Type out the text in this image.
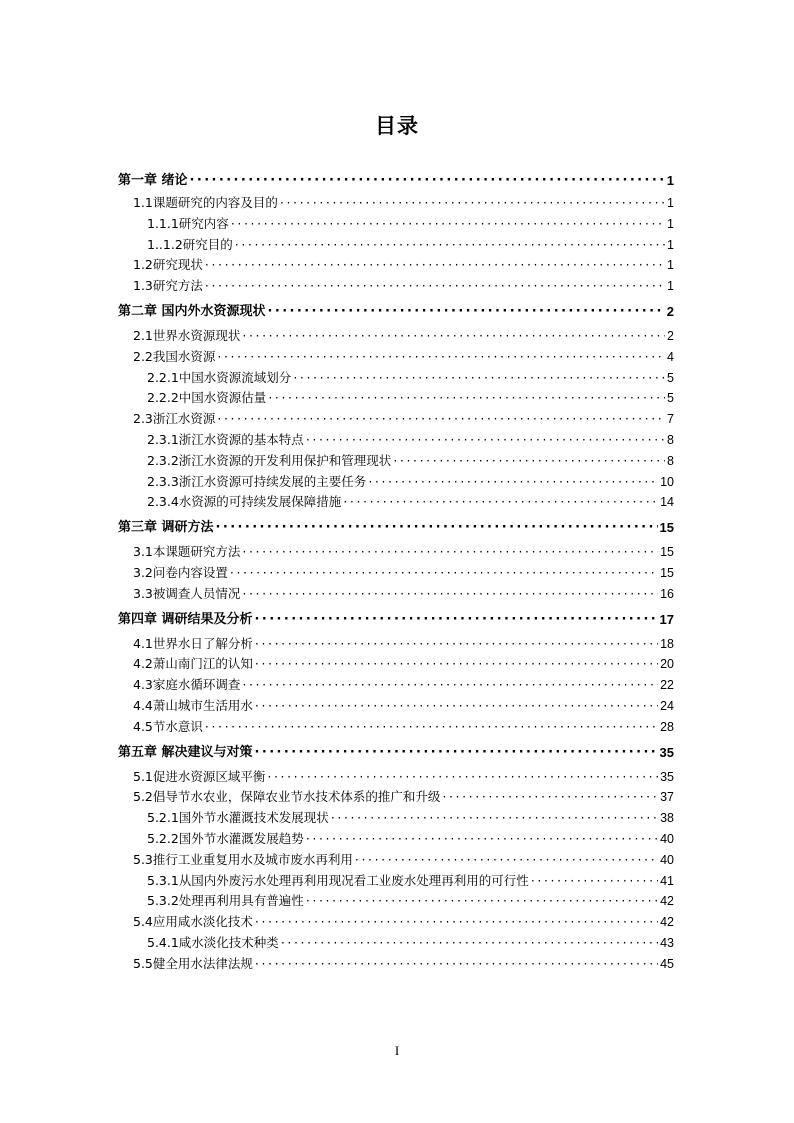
目录
第一章 绪论 ·····	1
1.1课题研究的内容及目的 ·····	1
1.1.1研究内容 ·····	1
1..1.2研究目的 ·····	1
1.2研究现状 ·····	1
1.3研究方法 ·····	1
第二章 国内外水资源现状 ·····	2
2.1世界水资源现状 ·····	2
2.2我国水资源 ·····	4
2.2.1中国水资源流域划分 ·····	5
2.2.2中国水资源估量 ·····	5
2.3浙江水资源 ·····	7
2.3.1浙江水资源的基本特点 ·····	8
2.3.2浙江水资源的开发利用保护和管理现状 ·····	8
2.3.3浙江水资源可持续发展的主要任务 ·····	10
2.3.4水资源的可持续发展保障措施 ·····	14
第三章 调研方法 ·····	15
3.1本课题研究方法 ·····	15
3.2问卷内容设置 ·····	15
3.3被调查人员情况 ·····	16
第四章 调研结果及分析 ·····	17
4.1世界水日了解分析 ·····	18
4.2萧山南门江的认知 ·····	20
4.3家庭水循环调查 ·····	22
4.4萧山城市生活用水 ·····	24
4.5节水意识 ·····	28
第五章 解决建议与对策 ·····	35
5.1促进水资源区域平衡 ·····	35
5.2倡导节水农业，保障农业节水技术体系的推广和升级 ·····	37
5.2.1国外节水灌溉技术发展现状 ·····	38
5.2.2国外节水灌溉发展趋势 ·····	40
5.3推行工业重复用水及城市废水再利用 ·····	40
5.3.1从国内外废污水处理再利用现况看工业废水处理再利用的可行性 ·····	41
5.3.2处理再利用具有普遍性 ·····	42
5.4应用咸水淡化技术 ·····	42
5.4.1咸水淡化技术种类 ·····	43
5.5健全用水法律法规 ·····	45
I
